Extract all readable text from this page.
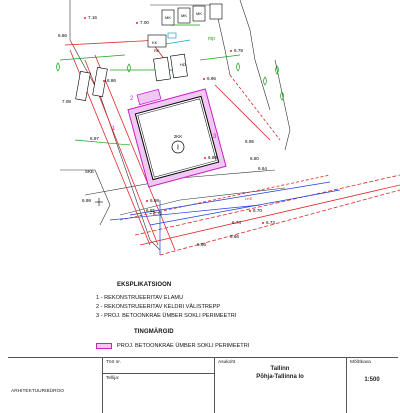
I
2KK
2
1
3
mp
MK	MK MK
KK
RK
HD
SKE
LKE
7.16
7.00
6.86
6.79
6.86	6.96
7.08
6.97
6.90
6.95
6.99	6.98
6.80
6.64
6.74
6.65
6.66
6.70
6.74	6.73
6.66
EKSPLIKATSIOON
1 - REKONSTRUEERITAV ELAMU
2 - REKONSTRUEERITAV KELDRI VÄLISTREPP
3 - PROJ. BETOONKRAE ÜMBER SOKLI PERIMEETRI
TINGMÄRGID
PROJ. BETOONKRAE ÜMBER SOKLI PERIMEETRI
ARHITEKTUURIBÜROO
Töö nr.
Tellija:
Asukoht
Tallinn
Põhja-Tallinna lo
Mõõtkava
1:500
